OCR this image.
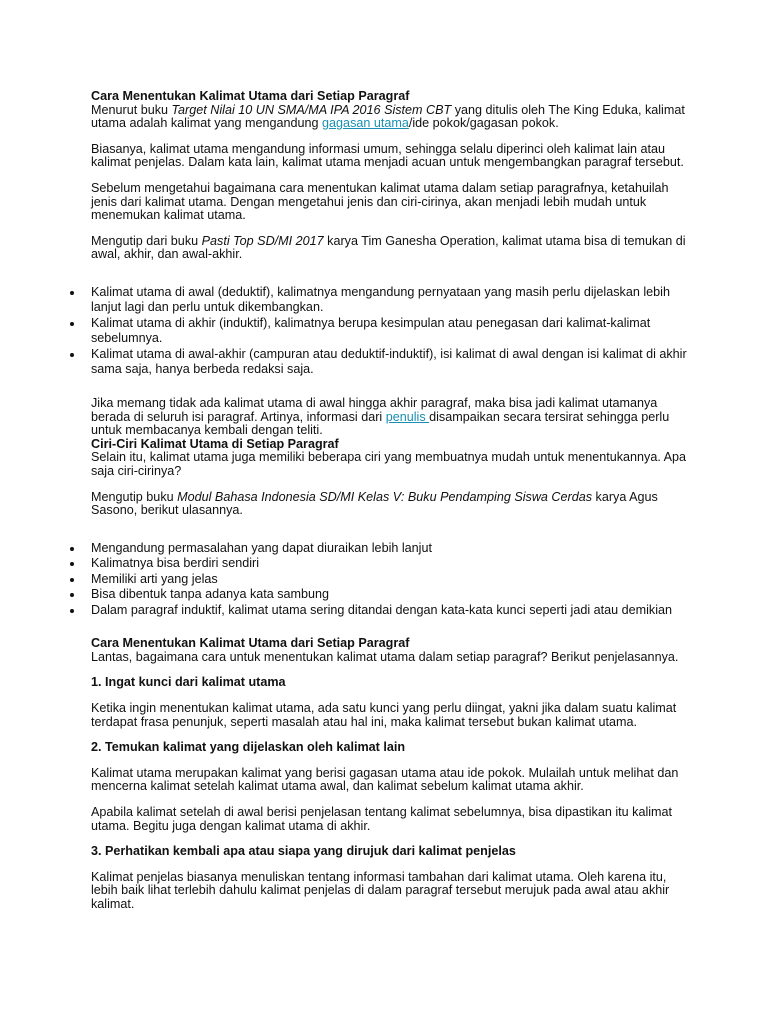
Cara Menentukan Kalimat Utama dari Setiap Paragraf

Menurut buku Target Nilai 10 UN SMA/MA IPA 2016 Sistem CBT yang ditulis oleh The King Eduka, kalimat utama adalah kalimat yang mengandung gagasan utama/ide pokok/gagasan pokok.

Biasanya, kalimat utama mengandung informasi umum, sehingga selalu diperinci oleh kalimat lain atau kalimat penjelas. Dalam kata lain, kalimat utama menjadi acuan untuk mengembangkan paragraf tersebut.

Sebelum mengetahui bagaimana cara menentukan kalimat utama dalam setiap paragrafnya, ketahuilah jenis dari kalimat utama. Dengan mengetahui jenis dan ciri-cirinya, akan menjadi lebih mudah untuk menemukan kalimat utama.

Mengutip dari buku Pasti Top SD/MI 2017 karya Tim Ganesha Operation, kalimat utama bisa di temukan di awal, akhir, dan awal-akhir.

Kalimat utama di awal (deduktif), kalimatnya mengandung pernyataan yang masih perlu dijelaskan lebih lanjut lagi dan perlu untuk dikembangkan.
Kalimat utama di akhir (induktif), kalimatnya berupa kesimpulan atau penegasan dari kalimat-kalimat sebelumnya.
Kalimat utama di awal-akhir (campuran atau deduktif-induktif), isi kalimat di awal dengan isi kalimat di akhir sama saja, hanya berbeda redaksi saja.

Jika memang tidak ada kalimat utama di awal hingga akhir paragraf, maka bisa jadi kalimat utamanya berada di seluruh isi paragraf. Artinya, informasi dari penulis disampaikan secara tersirat sehingga perlu untuk membacanya kembali dengan teliti.

Ciri-Ciri Kalimat Utama di Setiap Paragraf

Selain itu, kalimat utama juga memiliki beberapa ciri yang membuatnya mudah untuk menentukannya. Apa saja ciri-cirinya?

Mengutip buku Modul Bahasa Indonesia SD/MI Kelas V: Buku Pendamping Siswa Cerdas karya Agus Sasono, berikut ulasannya.

Mengandung permasalahan yang dapat diuraikan lebih lanjut
Kalimatnya bisa berdiri sendiri
Memiliki arti yang jelas
Bisa dibentuk tanpa adanya kata sambung
Dalam paragraf induktif, kalimat utama sering ditandai dengan kata-kata kunci seperti jadi atau demikian
Cara Menentukan Kalimat Utama dari Setiap Paragraf

Lantas, bagaimana cara untuk menentukan kalimat utama dalam setiap paragraf? Berikut penjelasannya.

1. Ingat kunci dari kalimat utama

Ketika ingin menentukan kalimat utama, ada satu kunci yang perlu diingat, yakni jika dalam suatu kalimat terdapat frasa penunjuk, seperti masalah atau hal ini, maka kalimat tersebut bukan kalimat utama.

2. Temukan kalimat yang dijelaskan oleh kalimat lain

Kalimat utama merupakan kalimat yang berisi gagasan utama atau ide pokok. Mulailah untuk melihat dan mencerna kalimat setelah kalimat utama awal, dan kalimat sebelum kalimat utama akhir.

Apabila kalimat setelah di awal berisi penjelasan tentang kalimat sebelumnya, bisa dipastikan itu kalimat utama. Begitu juga dengan kalimat utama di akhir.

3. Perhatikan kembali apa atau siapa yang dirujuk dari kalimat penjelas

Kalimat penjelas biasanya menuliskan tentang informasi tambahan dari kalimat utama. Oleh karena itu, lebih baik lihat terlebih dahulu kalimat penjelas di dalam paragraf tersebut merujuk pada awal atau akhir kalimat.
